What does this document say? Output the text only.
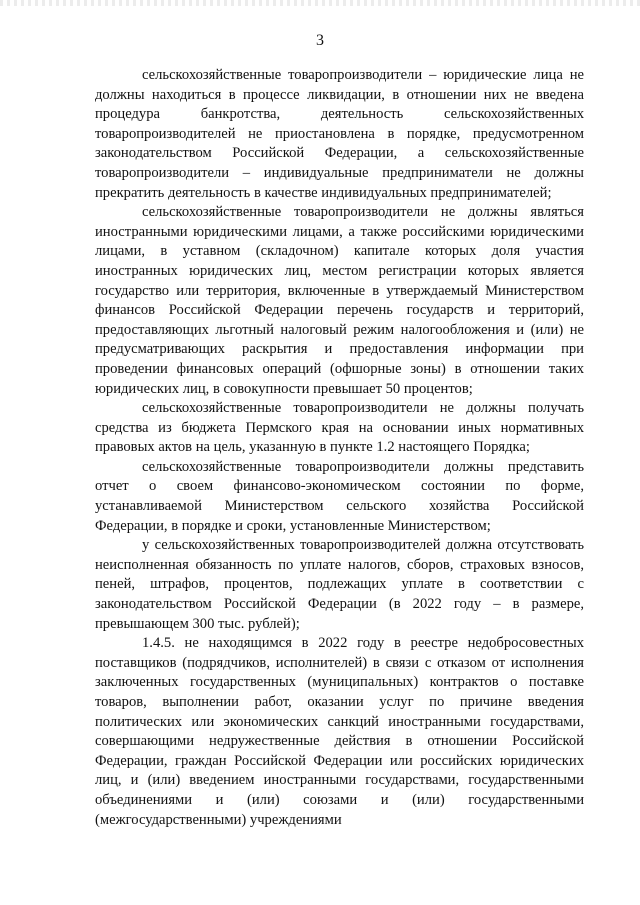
3

сельскохозяйственные товаропроизводители – юридические лица не должны находиться в процессе ликвидации, в отношении них не введена процедура банкротства, деятельность сельскохозяйственных товаропроизводителей не приостановлена в порядке, предусмотренном законодательством Российской Федерации, а сельскохозяйственные товаропроизводители – индивидуальные предприниматели не должны прекратить деятельность в качестве индивидуальных предпринимателей;

сельскохозяйственные товаропроизводители не должны являться иностранными юридическими лицами, а также российскими юридическими лицами, в уставном (складочном) капитале которых доля участия иностранных юридических лиц, местом регистрации которых является государство или территория, включенные в утверждаемый Министерством финансов Российской Федерации перечень государств и территорий, предоставляющих льготный налоговый режим налогообложения и (или) не предусматривающих раскрытия и предоставления информации при проведении финансовых операций (офшорные зоны) в отношении таких юридических лиц, в совокупности превышает 50 процентов;

сельскохозяйственные товаропроизводители не должны получать средства из бюджета Пермского края на основании иных нормативных правовых актов на цель, указанную в пункте 1.2 настоящего Порядка;

сельскохозяйственные товаропроизводители должны представить отчет о своем финансово-экономическом состоянии по форме, устанавливаемой Министерством сельского хозяйства Российской Федерации, в порядке и сроки, установленные Министерством;

у сельскохозяйственных товаропроизводителей должна отсутствовать неисполненная обязанность по уплате налогов, сборов, страховых взносов, пеней, штрафов, процентов, подлежащих уплате в соответствии с законодательством Российской Федерации (в 2022 году – в размере, превышающем 300 тыс. рублей);

1.4.5. не находящимся в 2022 году в реестре недобросовестных поставщиков (подрядчиков, исполнителей) в связи с отказом от исполнения заключенных государственных (муниципальных) контрактов о поставке товаров, выполнении работ, оказании услуг по причине введения политических или экономических санкций иностранными государствами, совершающими недружественные действия в отношении Российской Федерации, граждан Российской Федерации или российских юридических лиц, и (или) введением иностранными государствами, государственными объединениями и (или) союзами и (или) государственными (межгосударственными) учреждениями
